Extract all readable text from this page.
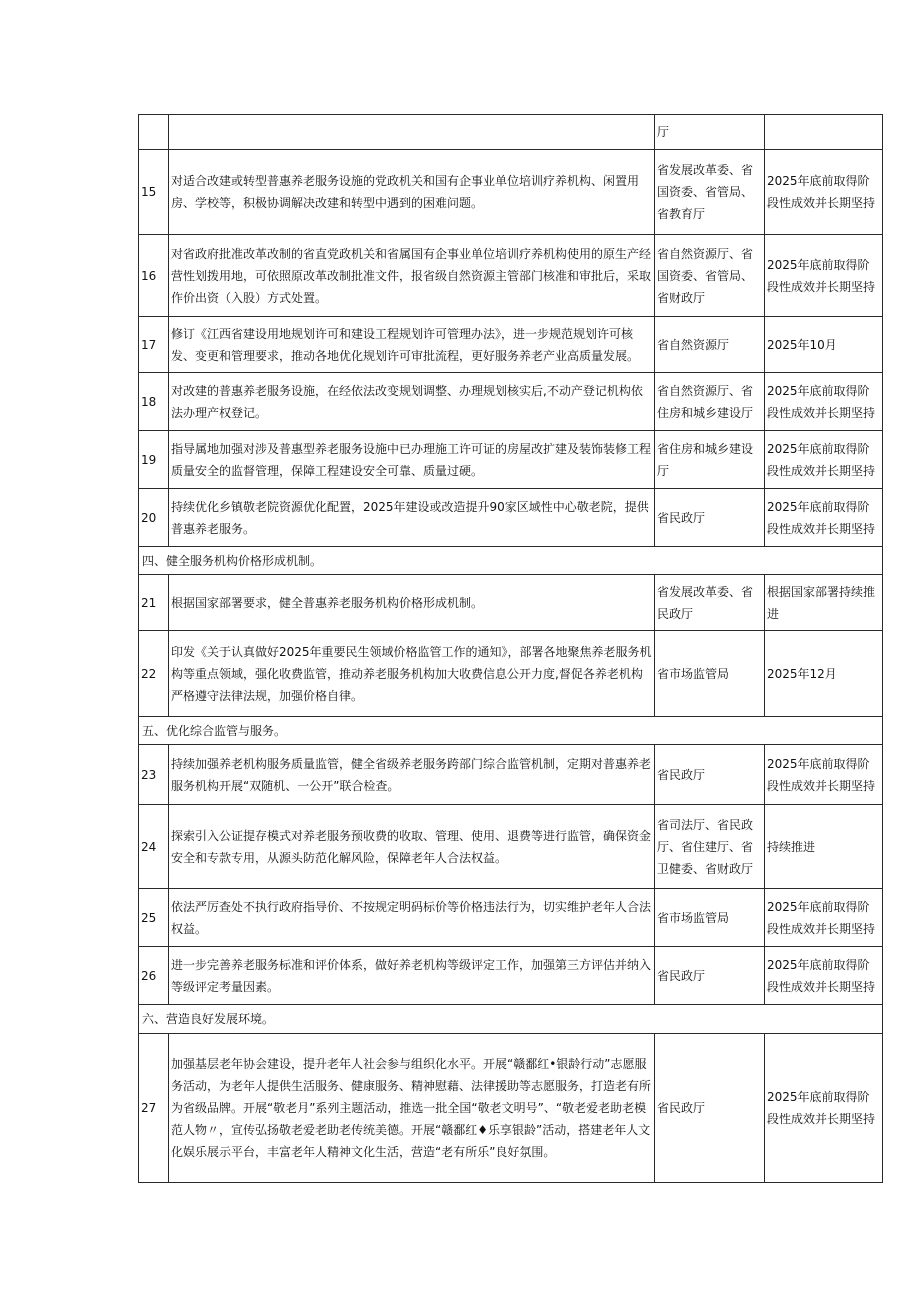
		厅	
15	对适合改建或转型普惠养老服务设施的党政机关和国有企事业单位培训疗养机构、闲置用房、学校等，积极协调解决改建和转型中遇到的困难问题。	省发展改革委、省国资委、省管局、省教育厅	2025年底前取得阶段性成效并长期坚持
16	对省政府批准改革改制的省直党政机关和省属国有企事业单位培训疗养机构使用的原生产经营性划拨用地，可依照原改革改制批准文件，报省级自然资源主管部门核准和审批后，采取作价出资（入股）方式处置。	省自然资源厅、省国资委、省管局、省财政厅	2025年底前取得阶段性成效并长期坚持
17	修订《江西省建设用地规划许可和建设工程规划许可管理办法》，进一步规范规划许可核发、变更和管理要求，推动各地优化规划许可审批流程，更好服务养老产业高质量发展。	省自然资源厅	2025年10月
18	对改建的普惠养老服务设施，在经依法改变规划调整、办理规划核实后,不动产登记机构依法办理产权登记。	省自然资源厅、省住房和城乡建设厅	2025年底前取得阶段性成效并长期坚持
19	指导属地加强对涉及普惠型养老服务设施中已办理施工许可证的房屋改扩建及装饰装修工程质量安全的监督管理，保障工程建设安全可靠、质量过硬。	省住房和城乡建设厅	2025年底前取得阶段性成效并长期坚持
20	持续优化乡镇敬老院资源优化配置，2025年建设或改造提升90家区域性中心敬老院，提供普惠养老服务。	省民政厅	2025年底前取得阶段性成效并长期坚持
四、健全服务机构价格形成机制。			
21	根据国家部署要求，健全普惠养老服务机构价格形成机制。	省发展改革委、省民政厅	根据国家部署持续推进
22	印发《关于认真做好2025年重要民生领域价格监管工作的通知》，部署各地聚焦养老服务机构等重点领域，强化收费监管，推动养老服务机构加大收费信息公开力度,督促各养老机构严格遵守法律法规，加强价格自律。	省市场监管局	2025年12月
五、优化综合监管与服务。			
23	持续加强养老机构服务质量监管，健全省级养老服务跨部门综合监管机制，定期对普惠养老服务机构开展“双随机、一公开”联合检查。	省民政厅	2025年底前取得阶段性成效并长期坚持
24	探索引入公证提存模式对养老服务预收费的收取、管理、使用、退费等进行监管，确保资金安全和专款专用，从源头防范化解风险，保障老年人合法权益。	省司法厅、省民政厅、省住建厅、省卫健委、省财政厅	持续推进
25	依法严厉查处不执行政府指导价、不按规定明码标价等价格违法行为，切实维护老年人合法权益。	省市场监管局	2025年底前取得阶段性成效并长期坚持
26	进一步完善养老服务标准和评价体系，做好养老机构等级评定工作，加强第三方评估并纳入等级评定考量因素。	省民政厅	2025年底前取得阶段性成效并长期坚持
六、营造良好发展环境。			
27	加强基层老年协会建设，提升老年人社会参与组织化水平。开展“赣鄱红•银龄行动”志愿服务活动，为老年人提供生活服务、健康服务、精神慰藉、法律援助等志愿服务，打造老有所为省级品牌。开展“敬老月”系列主题活动，推选一批全国“敬老文明号”、“敬老爱老助老模范人物〃，宣传弘扬敬老爱老助老传统美德。开展“赣鄱红♦乐享银龄”活动，搭建老年人文化娱乐展示平台，丰富老年人精神文化生活，营造“老有所乐”良好氛围。	省民政厅	2025年底前取得阶段性成效并长期坚持
